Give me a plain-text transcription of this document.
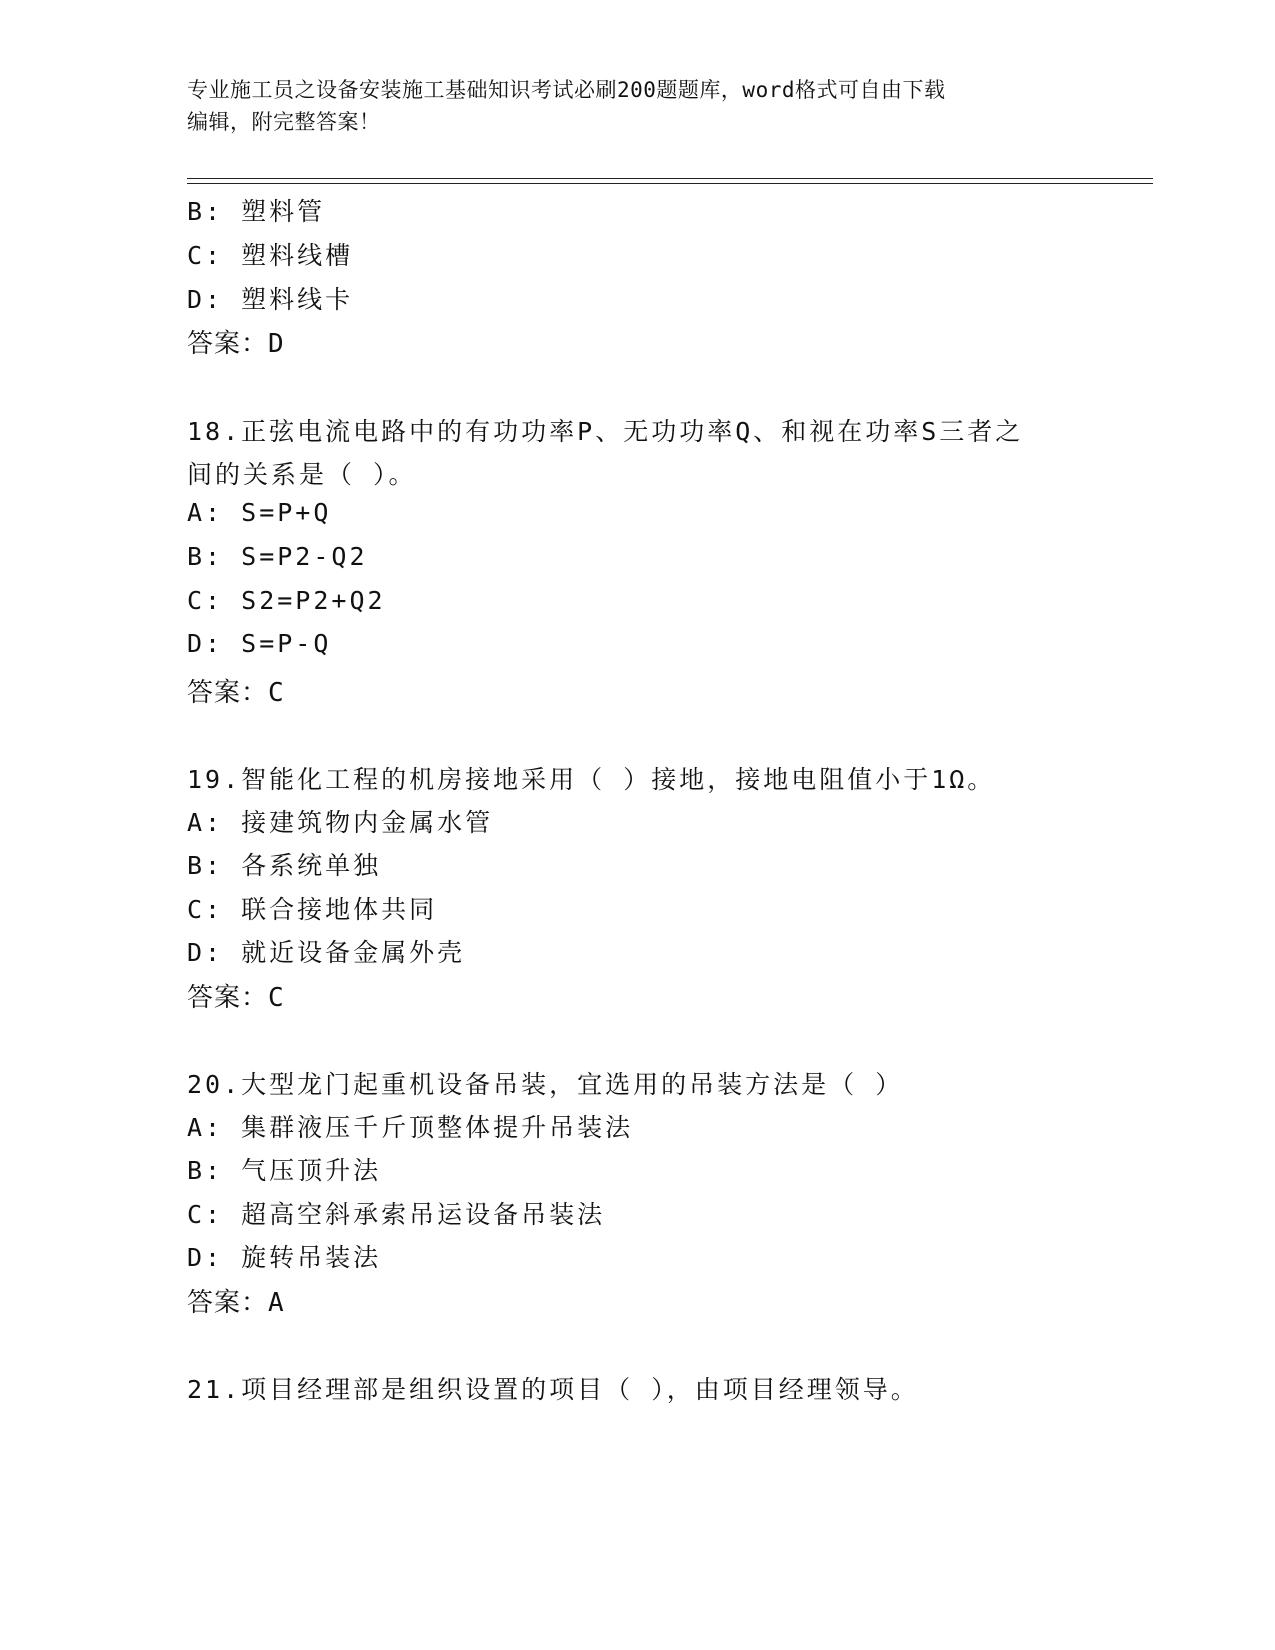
专业施工员之设备安装施工基础知识考试必刷200题题库，word格式可自由下载
编辑，附完整答案！
B: 塑料管
C: 塑料线槽
D: 塑料线卡
答案：D
18.正弦电流电路中的有功功率P、无功功率Q、和视在功率S三者之
间的关系是（ ）。
A: S=P+Q
B: S=P2-Q2
C: S2=P2+Q2
D: S=P-Q
答案：C
19.智能化工程的机房接地采用（ ）接地，接地电阻值小于1Ω。
A: 接建筑物内金属水管
B: 各系统单独
C: 联合接地体共同
D: 就近设备金属外壳
答案：C
20.大型龙门起重机设备吊装，宜选用的吊装方法是（ ）
A: 集群液压千斤顶整体提升吊装法
B: 气压顶升法
C: 超高空斜承索吊运设备吊装法
D: 旋转吊装法
答案：A
21.项目经理部是组织设置的项目（ ），由项目经理领导。
